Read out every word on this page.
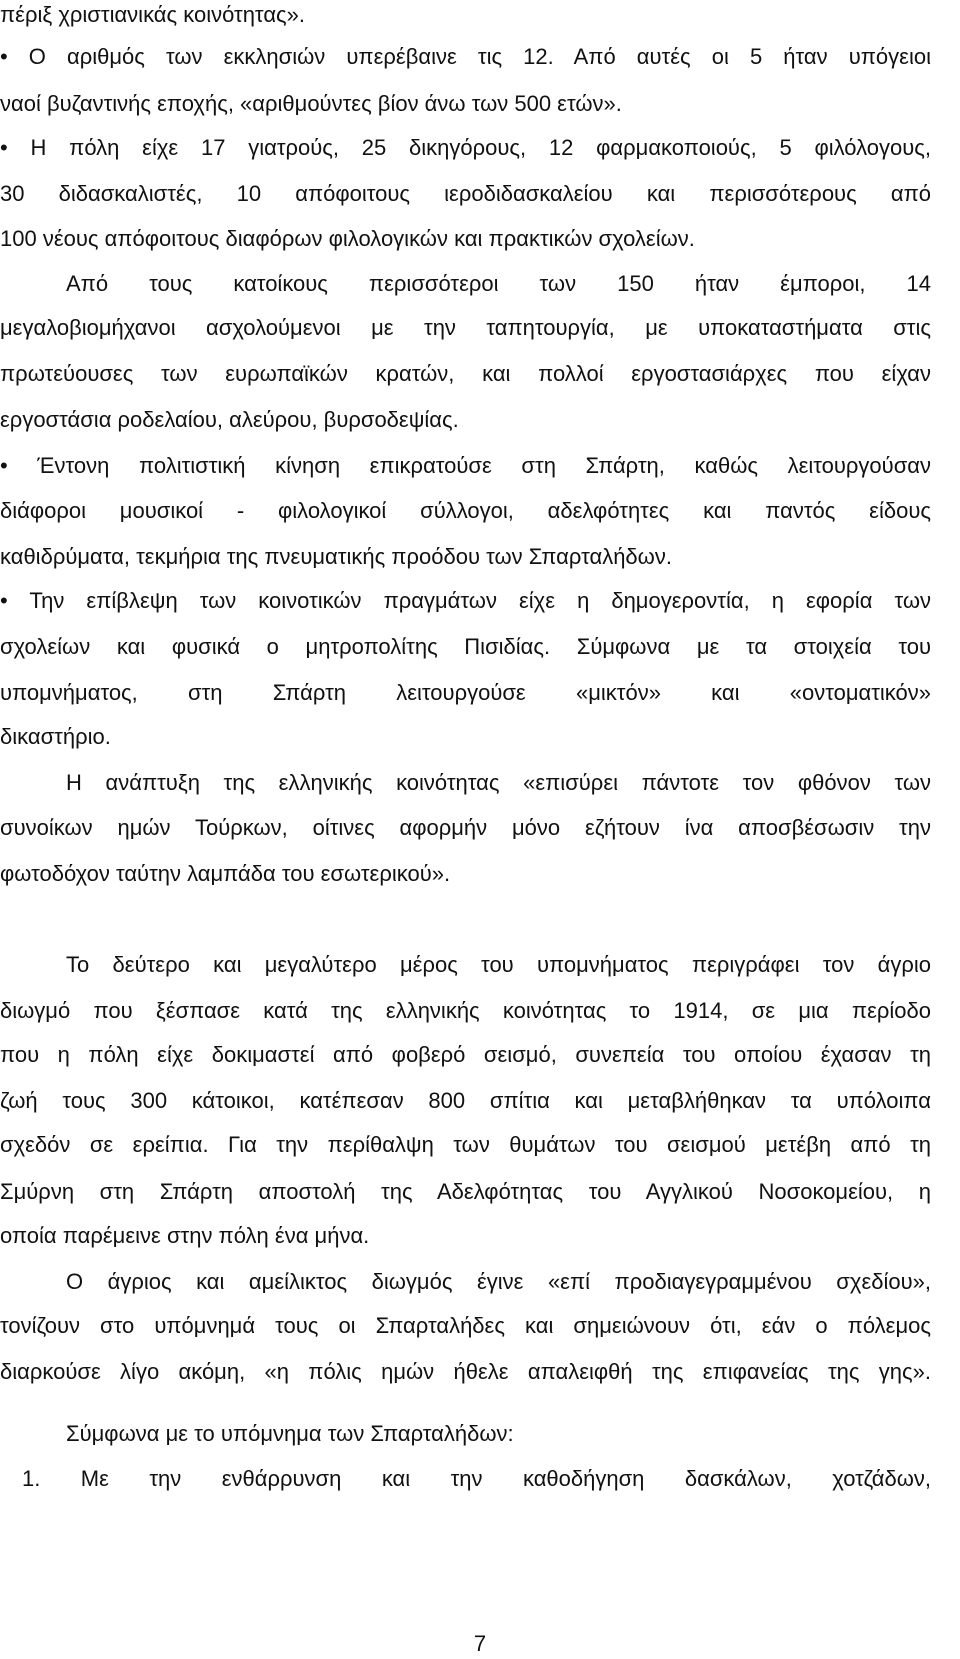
πέριξ χριστιανικάς κοινότητας».
• Ο αριθμός των εκκλησιών υπερέβαινε τις 12. Από αυτές οι 5 ήταν υπόγειοι
ναοί βυζαντινής εποχής, «αριθμούντες βίον άνω των 500 ετών».
• Η πόλη είχε 17 γιατρούς, 25 δικηγόρους, 12 φαρμακοποιούς, 5 φιλόλογους,
30 διδασκαλιστές, 10 απόφοιτους ιεροδιδασκαλείου και περισσότερους από
100 νέους απόφοιτους διαφόρων φιλολογικών και πρακτικών σχολείων.
Από τους κατοίκους περισσότεροι των 150 ήταν έμποροι, 14
μεγαλοβιομήχανοι ασχολούμενοι με την ταπητουργία, με υποκαταστήματα στις
πρωτεύουσες των ευρωπαϊκών κρατών, και πολλοί εργοστασιάρχες που είχαν
εργοστάσια ροδελαίου, αλεύρου, βυρσοδεψίας.
• Έντονη πολιτιστική κίνηση επικρατούσε στη Σπάρτη, καθώς λειτουργούσαν
διάφοροι μουσικοί - φιλολογικοί σύλλογοι, αδελφότητες και παντός είδους
καθιδρύματα, τεκμήρια της πνευματικής προόδου των Σπαρταλήδων.
• Την επίβλεψη των κοινοτικών πραγμάτων είχε η δημογεροντία, η εφορία των
σχολείων και φυσικά ο μητροπολίτης Πισιδίας. Σύμφωνα με τα στοιχεία του
υπομνήματος, στη Σπάρτη λειτουργούσε «μικτόν» και «οντοματικόν»
δικαστήριο.
Η ανάπτυξη της ελληνικής κοινότητας «επισύρει πάντοτε τον φθόνον των
συνοίκων ημών Τούρκων, οίτινες αφορμήν μόνο εζήτουν ίνα αποσβέσωσιν την
φωτοδόχον ταύτην λαμπάδα του εσωτερικού».
Το δεύτερο και μεγαλύτερο μέρος του υπομνήματος περιγράφει τον άγριο
διωγμό που ξέσπασε κατά της ελληνικής κοινότητας το 1914, σε μια περίοδο
που η πόλη είχε δοκιμαστεί από φοβερό σεισμό, συνεπεία του οποίου έχασαν τη
ζωή τους 300 κάτοικοι, κατέπεσαν 800 σπίτια και μεταβλήθηκαν τα υπόλοιπα
σχεδόν σε ερείπια. Για την περίθαλψη των θυμάτων του σεισμού μετέβη από τη
Σμύρνη στη Σπάρτη αποστολή της Αδελφότητας του Αγγλικού Νοσοκομείου, η
οποία παρέμεινε στην πόλη ένα μήνα.
Ο άγριος και αμείλικτος διωγμός έγινε «επί προδιαγεγραμμένου σχεδίου»,
τονίζουν στο υπόμνημά τους οι Σπαρταλήδες και σημειώνουν ότι, εάν ο πόλεμος
διαρκούσε λίγο ακόμη, «η πόλις ημών ήθελε απαλειφθή της επιφανείας της γης».
Σύμφωνα με το υπόμνημα των Σπαρταλήδων:
1. Με την ενθάρρυνση και την καθοδήγηση δασκάλων, χοτζάδων,
7
